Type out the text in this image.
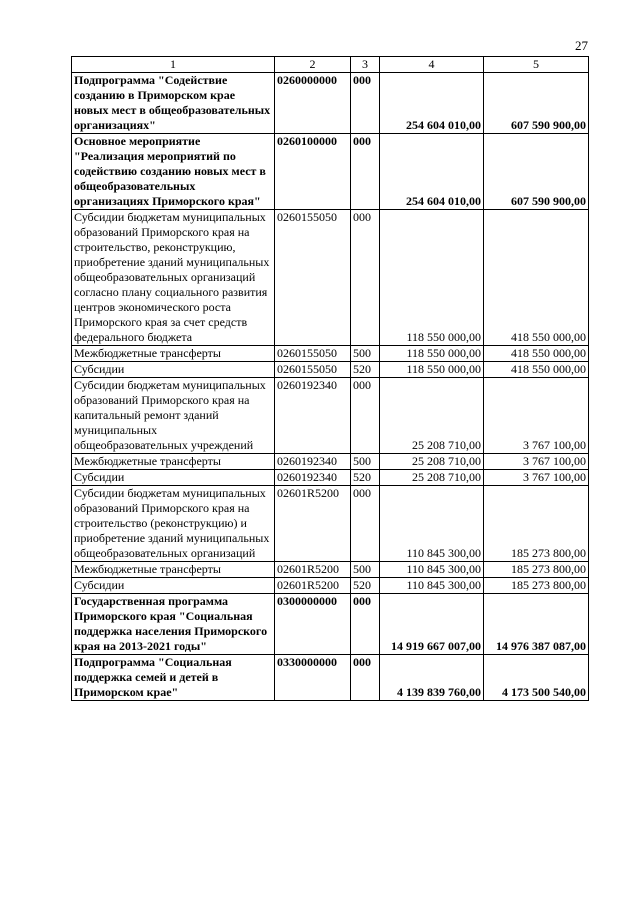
27
1	2	3	4	5
Подпрограмма "Содействие созданию в Приморском крае новых мест в общеобразовательных организациях"	0260000000	000	254 604 010,00	607 590 900,00
Основное мероприятие "Реализация мероприятий по содействию созданию новых мест в общеобразовательных организациях Приморского края"	0260100000	000	254 604 010,00	607 590 900,00
Субсидии бюджетам муниципальных образований Приморского края на строительство, реконструкцию, приобретение зданий муниципальных общеобразовательных организаций согласно плану социального развития центров экономического роста Приморского края за счет средств федерального бюджета	0260155050	000	118 550 000,00	418 550 000,00
Межбюджетные трансферты	0260155050	500	118 550 000,00	418 550 000,00
Субсидии	0260155050	520	118 550 000,00	418 550 000,00
Субсидии бюджетам муниципальных образований Приморского края на капитальный ремонт зданий муниципальных общеобразовательных учреждений	0260192340	000	25 208 710,00	3 767 100,00
Межбюджетные трансферты	0260192340	500	25 208 710,00	3 767 100,00
Субсидии	0260192340	520	25 208 710,00	3 767 100,00
Субсидии бюджетам муниципальных образований Приморского края на строительство (реконструкцию) и приобретение зданий муниципальных общеобразовательных организаций	02601R5200	000	110 845 300,00	185 273 800,00
Межбюджетные трансферты	02601R5200	500	110 845 300,00	185 273 800,00
Субсидии	02601R5200	520	110 845 300,00	185 273 800,00
Государственная программа Приморского края "Социальная поддержка населения Приморского края на 2013-2021 годы"	0300000000	000	14 919 667 007,00	14 976 387 087,00
Подпрограмма "Социальная поддержка семей и детей в Приморском крае"	0330000000	000	4 139 839 760,00	4 173 500 540,00
